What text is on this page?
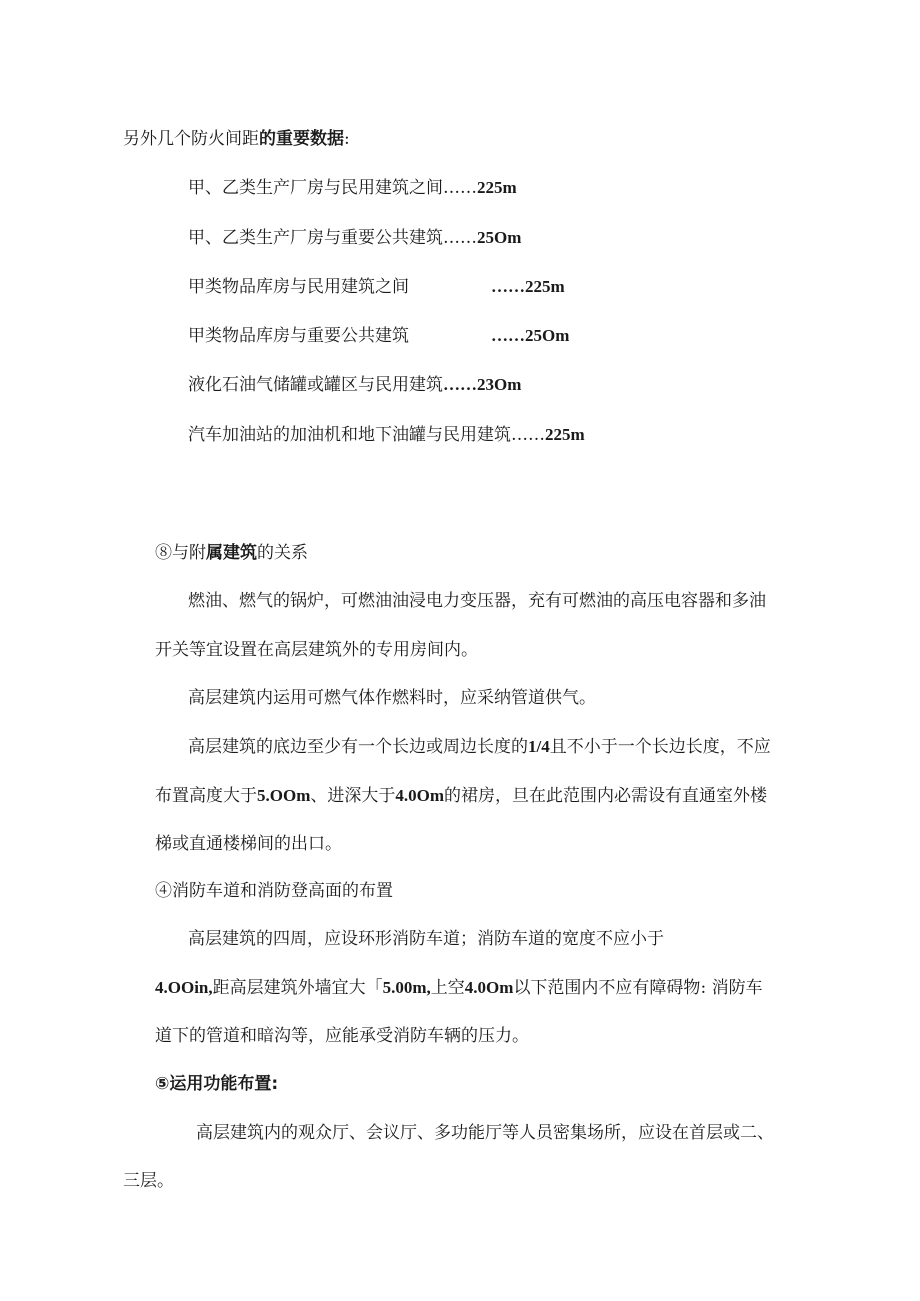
另外几个防火间距的重要数据:
甲、乙类生产厂房与民用建筑之间……225m
甲、乙类生产厂房与重要公共建筑……25Om
甲类物品库房与民用建筑之间	……225m
甲类物品库房与重要公共建筑	……25Om
液化石油气储罐或罐区与民用建筑……23Om
汽车加油站的加油机和地下油罐与民用建筑……225m
⑧与附属建筑的关系
燃油、燃气的锅炉，可燃油油浸电力变压器，充有可燃油的高压电容器和多油
开关等宜设置在高层建筑外的专用房间内。
高层建筑内运用可燃气体作燃料时，应采纳管道供气。
高层建筑的底边至少有一个长边或周边长度的1/4且不小于一个长边长度，不应
布置高度大于5.OOm、进深大于4.0Om的裙房，旦在此范围内必需设有直通室外楼
梯或直通楼梯间的出口。
④消防车道和消防登高面的布置
高层建筑的四周，应设环形消防车道；消防车道的宽度不应小于
4.OOin,距高层建筑外墙宜大「5.00m,上空4.0Om以下范围内不应有障碍物: 消防车
道下的管道和暗沟等，应能承受消防车辆的压力。
⑤运用功能布置:
高层建筑内的观众厅、会议厅、多功能厅等人员密集场所，应设在首层或二、
三层。
